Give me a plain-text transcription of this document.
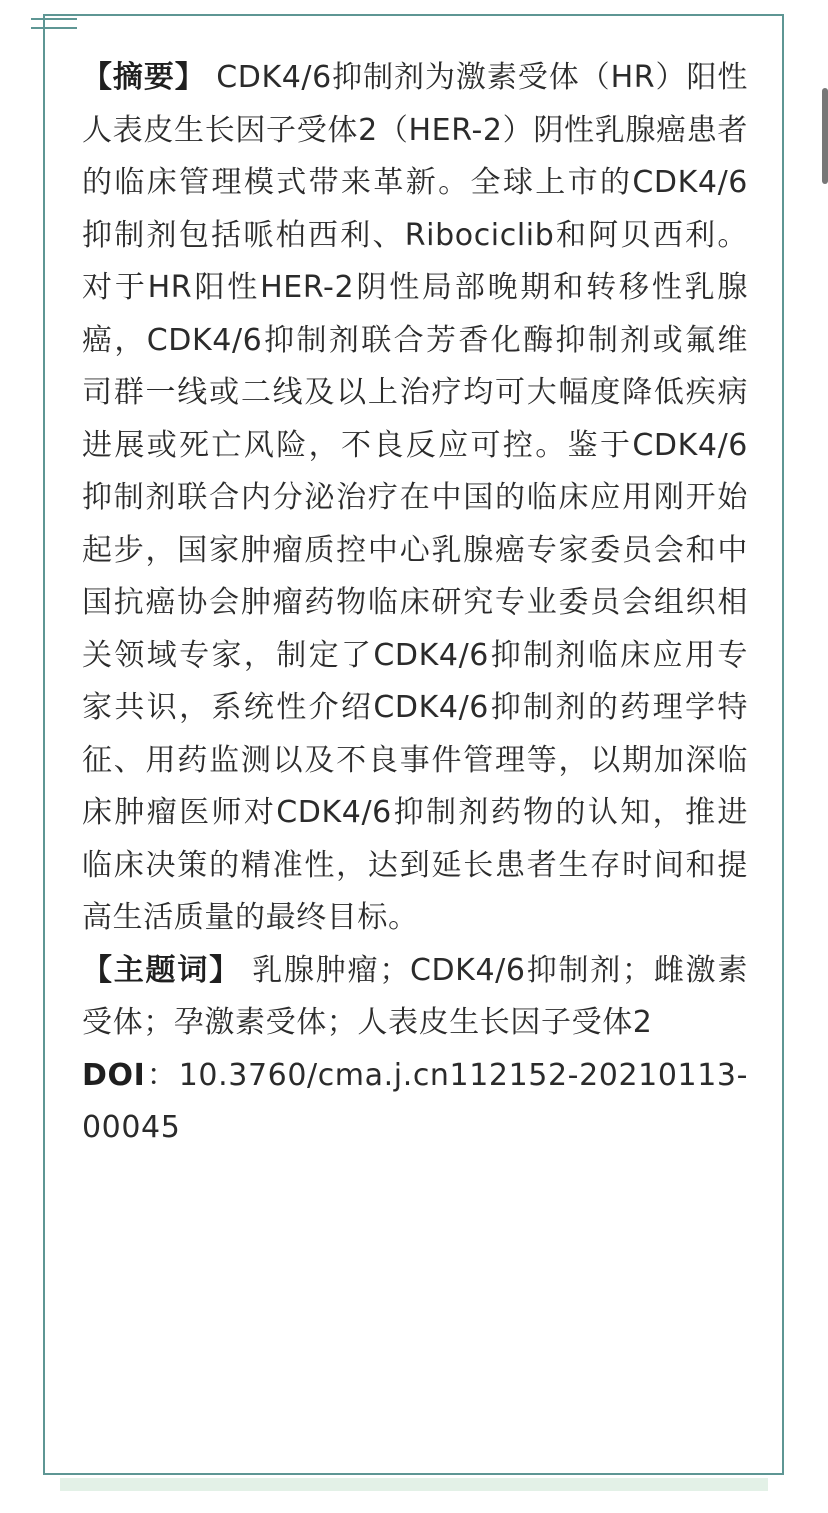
【摘要】 CDK4/6抑制剂为激素受体（HR）阳性人表皮生长因子受体2（HER-2）阴性乳腺癌患者的临床管理模式带来革新。全球上市的CDK4/6抑制剂包括哌柏西利、Ribociclib和阿贝西利。对于HR阳性HER-2阴性局部晚期和转移性乳腺癌，CDK4/6抑制剂联合芳香化酶抑制剂或氟维司群一线或二线及以上治疗均可大幅度降低疾病进展或死亡风险，不良反应可控。鉴于CDK4/6抑制剂联合内分泌治疗在中国的临床应用刚开始起步，国家肿瘤质控中心乳腺癌专家委员会和中国抗癌协会肿瘤药物临床研究专业委员会组织相关领域专家，制定了CDK4/6抑制剂临床应用专家共识，系统性介绍CDK4/6抑制剂的药理学特征、用药监测以及不良事件管理等，以期加深临床肿瘤医师对CDK4/6抑制剂药物的认知，推进临床决策的精准性，达到延长患者生存时间和提高生活质量的最终目标。

【主题词】 乳腺肿瘤；CDK4/6抑制剂；雌激素受体；孕激素受体；人表皮生长因子受体2

DOI：10.3760/cma.j.cn112152-20210113-00045
